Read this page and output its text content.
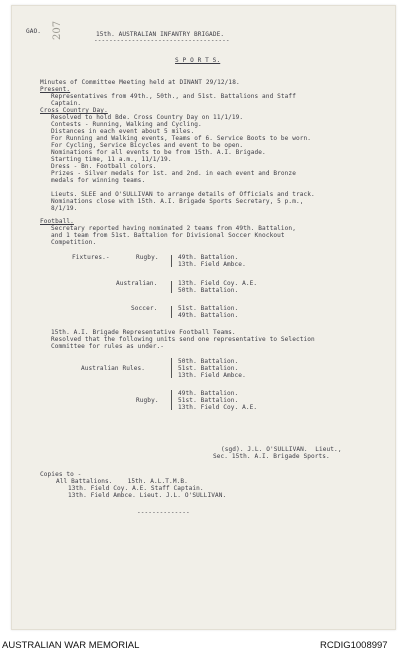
GAO. 207	15th. AUSTRALIAN INFANTRY BRIGADE.
------------------------------------
S P O R T S.
Minutes of Committee Meeting held at DINANT 29/12/18.
Present.
Representatives from 49th., 50th., and 51st. Battalions and Staff
Captain.
Cross Country Day.
Resolved to hold Bde. Cross Country Day on 11/1/19.
Contests - Running, Walking and Cycling.
Distances in each event about 5 miles.
For Running and Walking events, Teams of 6. Service Boots to be worn.
For Cycling, Service Bicycles and event to be open.
Nominations for all events to be from 15th. A.I. Brigade.
Starting time, 11 a.m., 11/1/19.
Dress - Bn. Football colors.
Prizes - Silver medals for 1st. and 2nd. in each event and Bronze
medals for winning teams.
Lieuts. SLEE and O'SULLIVAN to arrange details of Officials and track.
Nominations close with 15th. A.I. Brigade Sports Secretary, 5 p.m.,
8/1/19.
Football.
Secretary reported having nominated 2 teams from 49th. Battalion,
and 1 team from 51st. Battalion for Divisional Soccer Knockout
Competition.
Fixtures.-	Rugby.	49th. Battalion.
13th. Field Ambce.
Australian.	13th. Field Coy. A.E.
50th. Battalion.
Soccer.	51st. Battalion.
49th. Battalion.
15th. A.I. Brigade Representative Football Teams.
Resolved that the following units send one representative to Selection
Committee for rules as under.-
Australian Rules.
50th. Battalion.
51st. Battalion.
13th. Field Ambce.
Rugby.
49th. Battalion.
51st. Battalion.
13th. Field Coy. A.E.
(sgd). J.L. O'SULLIVAN.  Lieut.,
Sec. 15th. A.I. Brigade Sports.
Copies to -
All Battalions.    15th. A.L.T.M.B.
13th. Field Coy. A.E. Staff Captain.
13th. Field Ambce. Lieut. J.L. O'SULLIVAN.
--------------
AUSTRALIAN WAR MEMORIAL	RCDIG1008997
